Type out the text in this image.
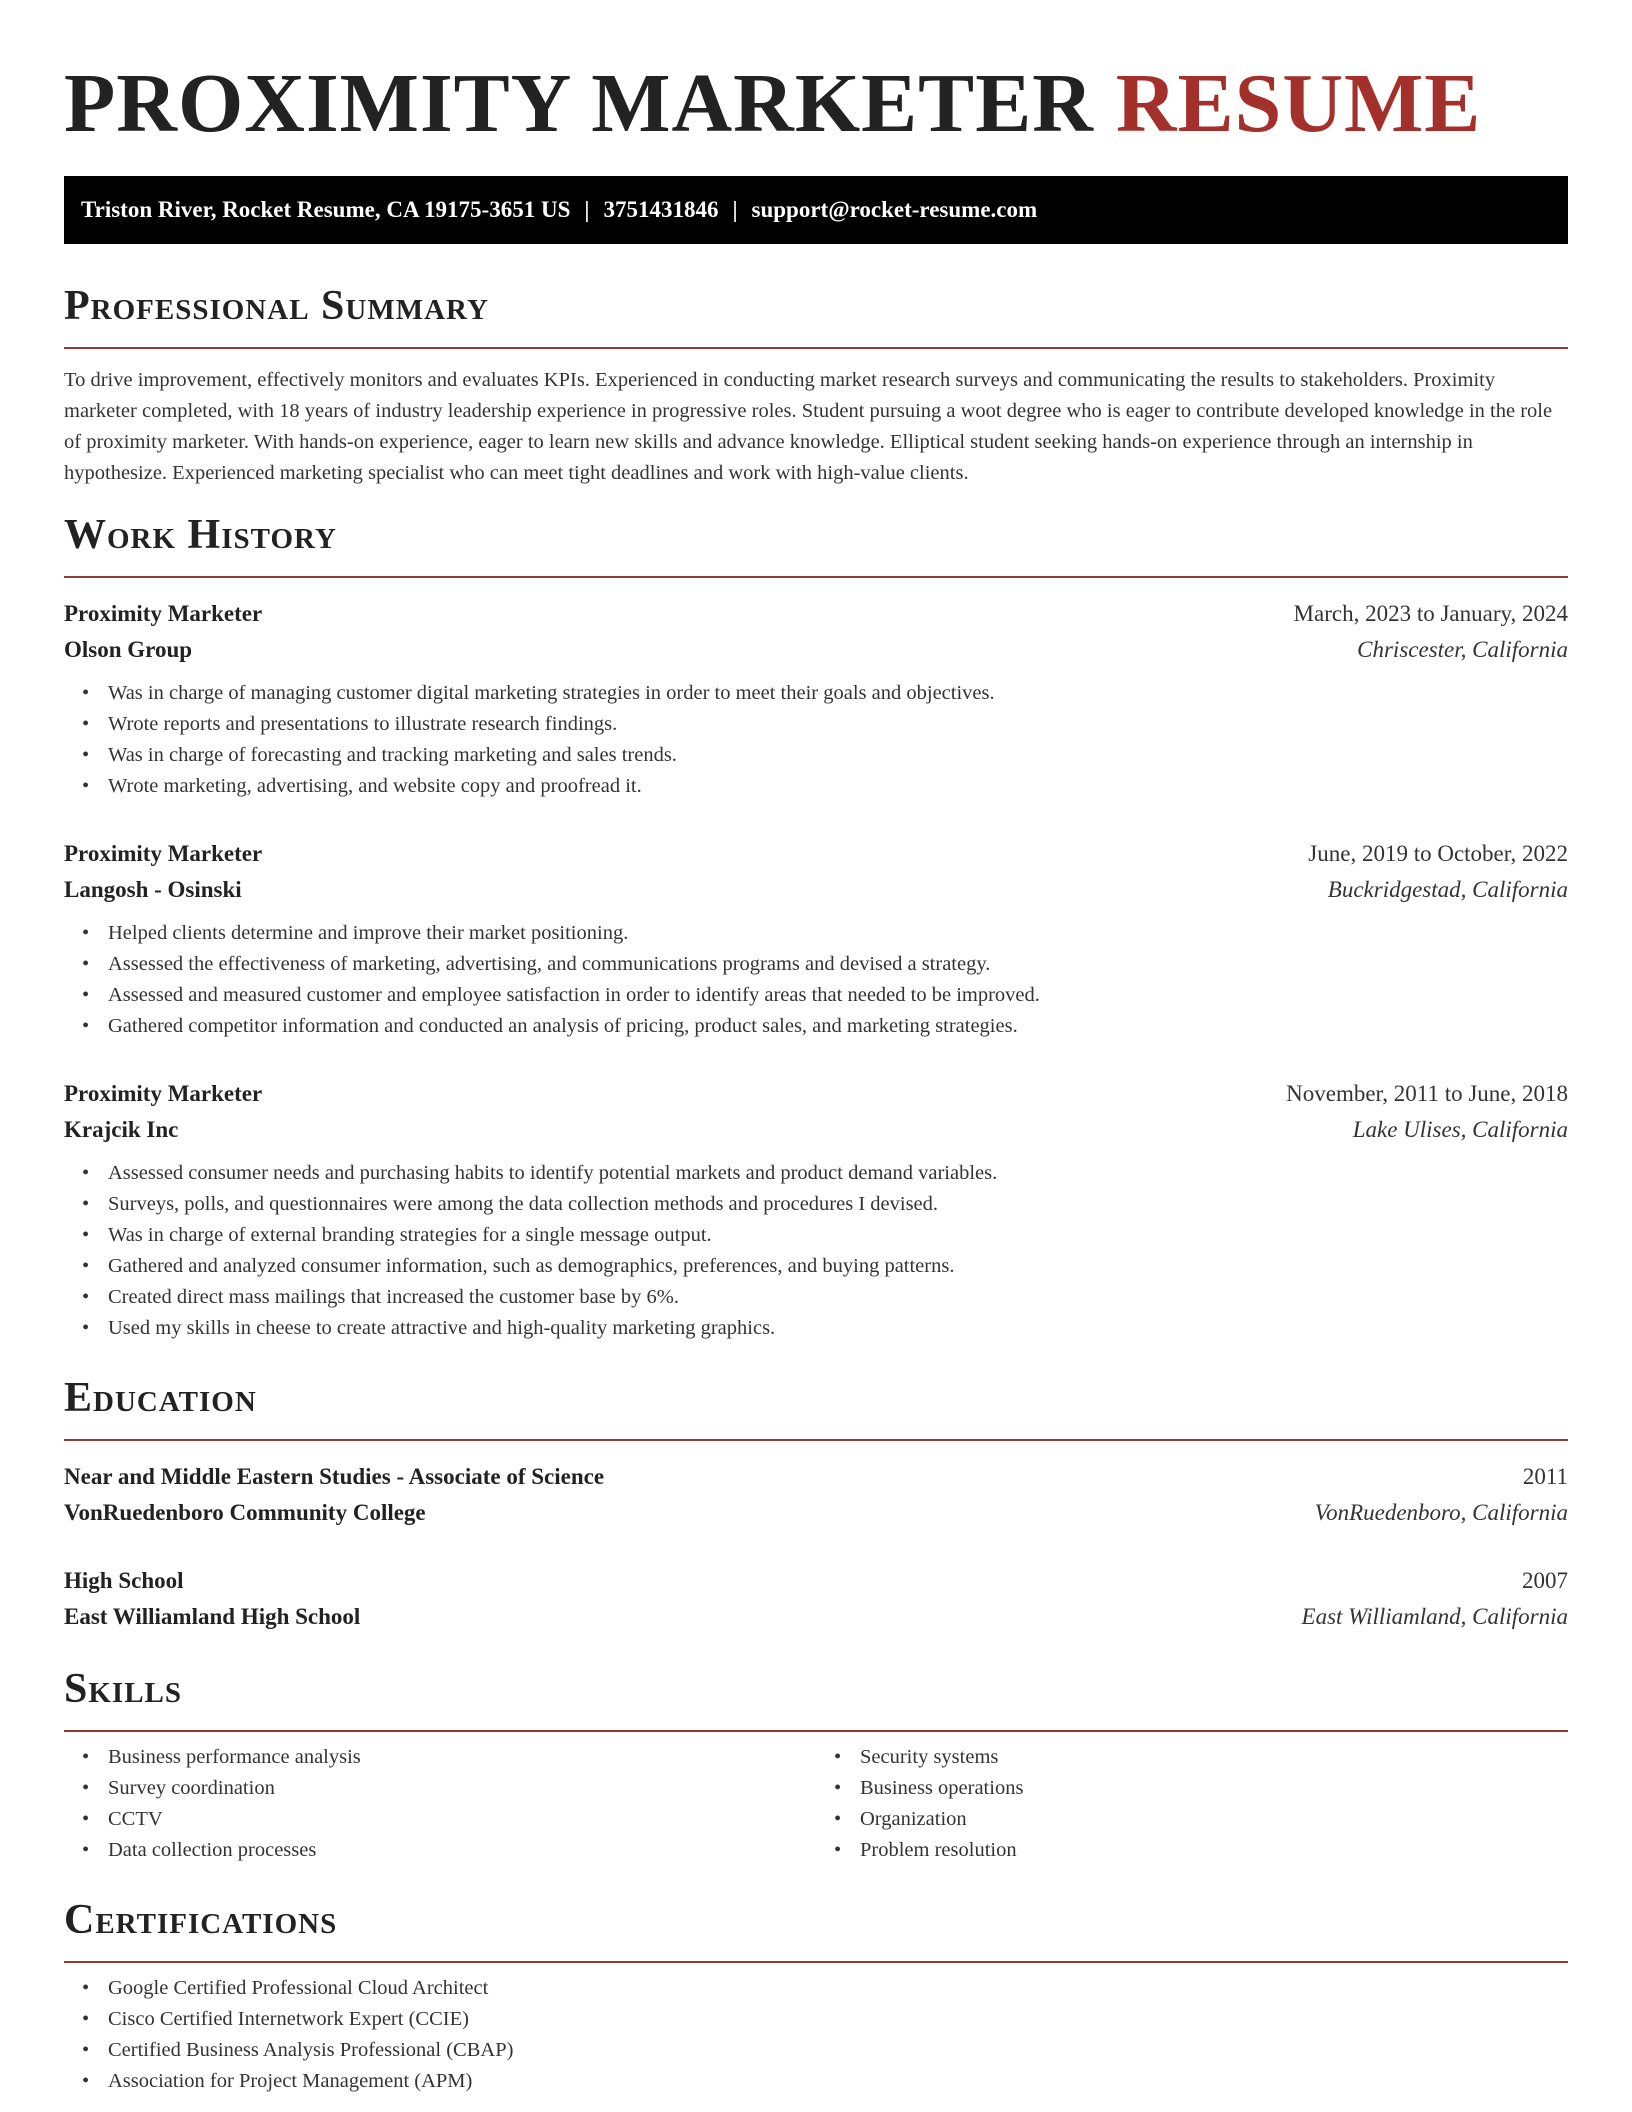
PROXIMITY MARKETER RESUME
Triston River, Rocket Resume, CA 19175-3651 US | 3751431846 | support@rocket-resume.com
Professional Summary

To drive improvement, effectively monitors and evaluates KPIs. Experienced in conducting market research surveys and communicating the results to stakeholders. Proximity marketer completed, with 18 years of industry leadership experience in progressive roles. Student pursuing a woot degree who is eager to contribute developed knowledge in the role of proximity marketer. With hands-on experience, eager to learn new skills and advance knowledge. Elliptical student seeking hands-on experience through an internship in hypothesize. Experienced marketing specialist who can meet tight deadlines and work with high-value clients.

Work History
Proximity Marketer	March, 2023 to January, 2024
Olson Group	Chriscester, California
• Was in charge of managing customer digital marketing strategies in order to meet their goals and objectives.
• Wrote reports and presentations to illustrate research findings.
• Was in charge of forecasting and tracking marketing and sales trends.
• Wrote marketing, advertising, and website copy and proofread it.
Proximity Marketer	June, 2019 to October, 2022
Langosh - Osinski	Buckridgestad, California
• Helped clients determine and improve their market positioning.
• Assessed the effectiveness of marketing, advertising, and communications programs and devised a strategy.
• Assessed and measured customer and employee satisfaction in order to identify areas that needed to be improved.
• Gathered competitor information and conducted an analysis of pricing, product sales, and marketing strategies.
Proximity Marketer	November, 2011 to June, 2018
Krajcik Inc	Lake Ulises, California
• Assessed consumer needs and purchasing habits to identify potential markets and product demand variables.
• Surveys, polls, and questionnaires were among the data collection methods and procedures I devised.
• Was in charge of external branding strategies for a single message output.
• Gathered and analyzed consumer information, such as demographics, preferences, and buying patterns.
• Created direct mass mailings that increased the customer base by 6%.
• Used my skills in cheese to create attractive and high-quality marketing graphics.
Education
Near and Middle Eastern Studies - Associate of Science	2011
VonRuedenboro Community College	VonRuedenboro, California
High School	2007
East Williamland High School	East Williamland, California
Skills
• Business performance analysis
• Survey coordination
• CCTV
• Data collection processes
• Security systems
• Business operations
• Organization
• Problem resolution
Certifications
• Google Certified Professional Cloud Architect
• Cisco Certified Internetwork Expert (CCIE)
• Certified Business Analysis Professional (CBAP)
• Association for Project Management (APM)
